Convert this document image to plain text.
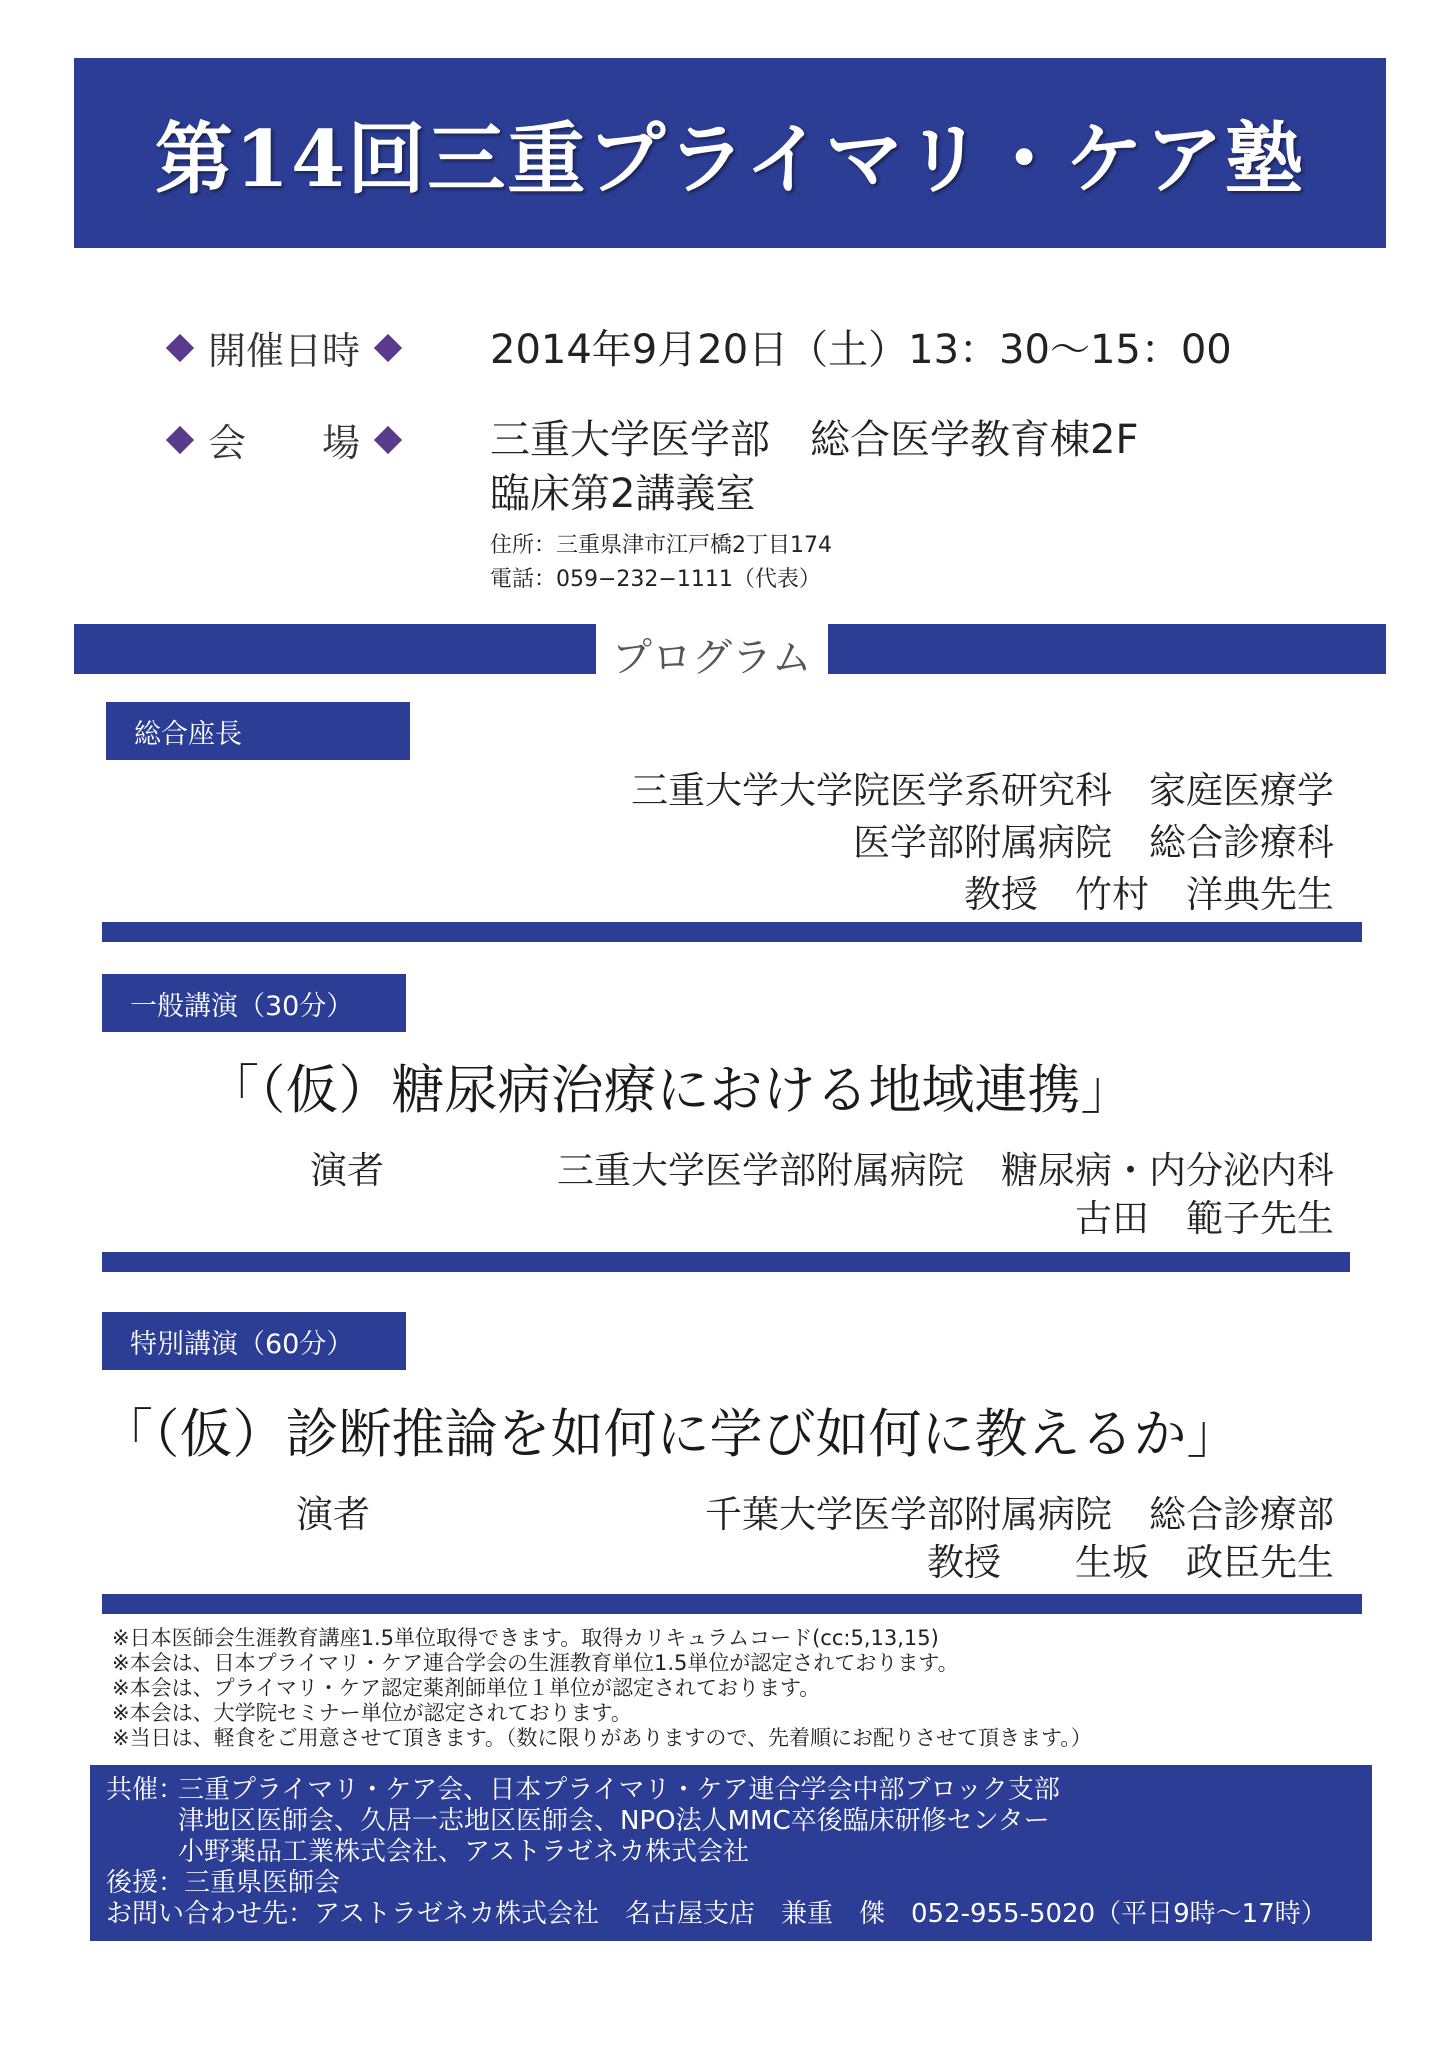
第14回三重プライマリ・ケア塾
開催日時	2014年9月20日（土）13：30〜15：00
会　　場	三重大学医学部　総合医学教育棟2F
臨床第2講義室
住所：三重県津市江戸橋2丁目174
電話：059−232−1111（代表）
プログラム
総合座長
三重大学大学院医学系研究科　家庭医療学
医学部附属病院　総合診療科
教授　竹村　洋典先生
一般講演（30分）
「（仮）糖尿病治療における地域連携」
演者	三重大学医学部附属病院　糖尿病・内分泌内科
古田　範子先生
特別講演（60分）
「（仮）診断推論を如何に学び如何に教えるか」
演者	千葉大学医学部附属病院　総合診療部
教授　　生坂　政臣先生
※日本医師会生涯教育講座1.5単位取得できます。取得カリキュラムコード(cc:5,13,15)
※本会は、日本プライマリ・ケア連合学会の生涯教育単位1.5単位が認定されております。
※本会は、プライマリ・ケア認定薬剤師単位１単位が認定されております。
※本会は、大学院セミナー単位が認定されております。
※当日は、軽食をご用意させて頂きます。（数に限りがありますので、先着順にお配りさせて頂きます。）
共催：
三重プライマリ・ケア会、日本プライマリ・ケア連合学会中部ブロック支部
津地区医師会、久居一志地区医師会、NPO法人MMC卒後臨床研修センター
小野薬品工業株式会社、アストラゼネカ株式会社
後援：三重県医師会
お問い合わせ先：アストラゼネカ株式会社　名古屋支店　兼重　傑　052-955-5020（平日9時〜17時）
